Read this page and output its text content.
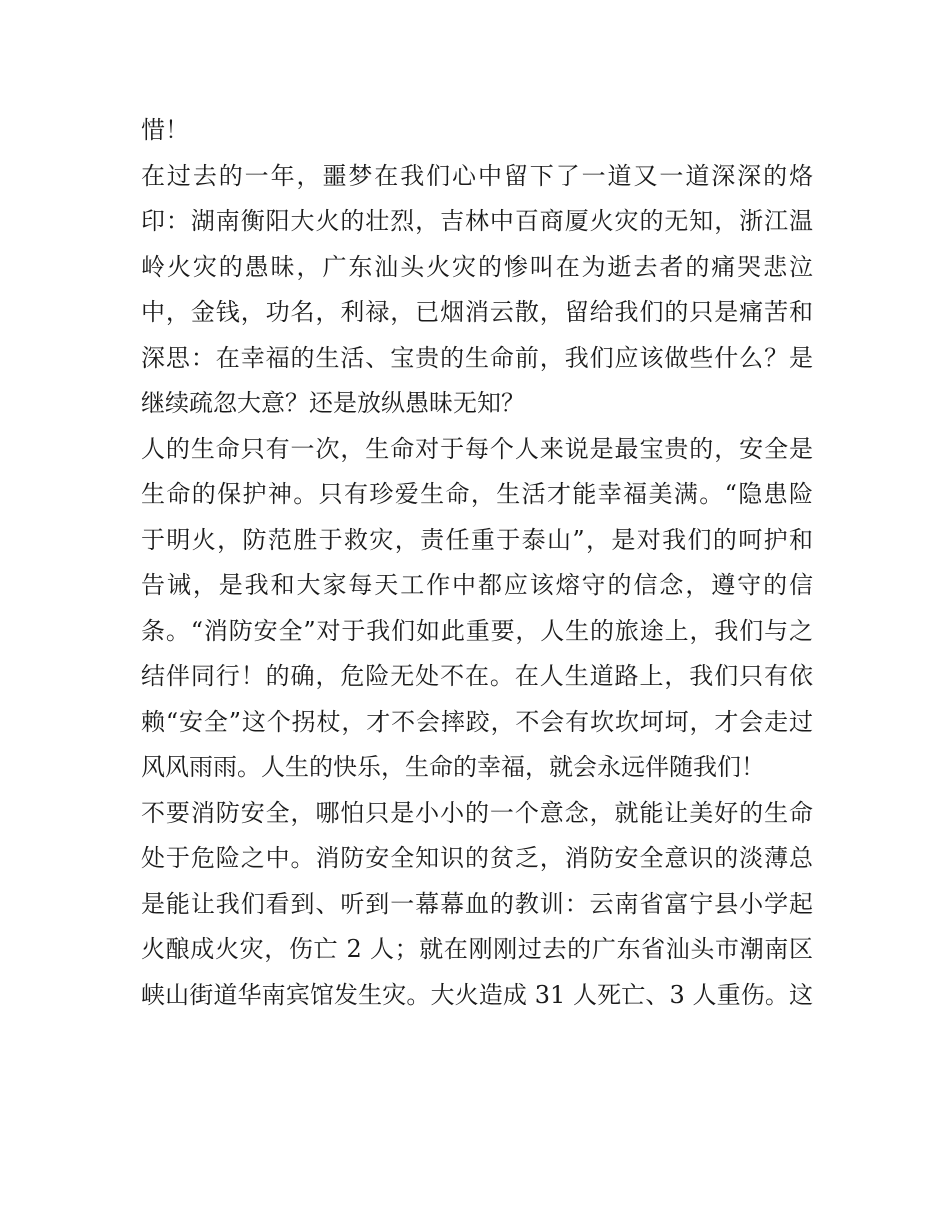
惜！
在过去的一年，噩梦在我们心中留下了一道又一道深深的烙
印：湖南衡阳大火的壮烈，吉林中百商厦火灾的无知，浙江温
岭火灾的愚昧，广东汕头火灾的惨叫在为逝去者的痛哭悲泣
中，金钱，功名，利禄，已烟消云散，留给我们的只是痛苦和
深思：在幸福的生活、宝贵的生命前，我们应该做些什么？是
继续疏忽大意？还是放纵愚昧无知？
人的生命只有一次，生命对于每个人来说是最宝贵的，安全是
生命的保护神。只有珍爱生命，生活才能幸福美满。“隐患险
于明火，防范胜于救灾，责任重于泰山”，是对我们的呵护和
告诫，是我和大家每天工作中都应该熔守的信念，遵守的信
条。“消防安全”对于我们如此重要，人生的旅途上，我们与之
结伴同行！的确，危险无处不在。在人生道路上，我们只有依
赖“安全”这个拐杖，才不会摔跤，不会有坎坎坷坷，才会走过
风风雨雨。人生的快乐，生命的幸福，就会永远伴随我们！
不要消防安全，哪怕只是小小的一个意念，就能让美好的生命
处于危险之中。消防安全知识的贫乏，消防安全意识的淡薄总
是能让我们看到、听到一幕幕血的教训：云南省富宁县小学起
火酿成火灾，伤亡 2 人；就在刚刚过去的广东省汕头市潮南区
峡山街道华南宾馆发生灾。大火造成 31 人死亡、3 人重伤。这
